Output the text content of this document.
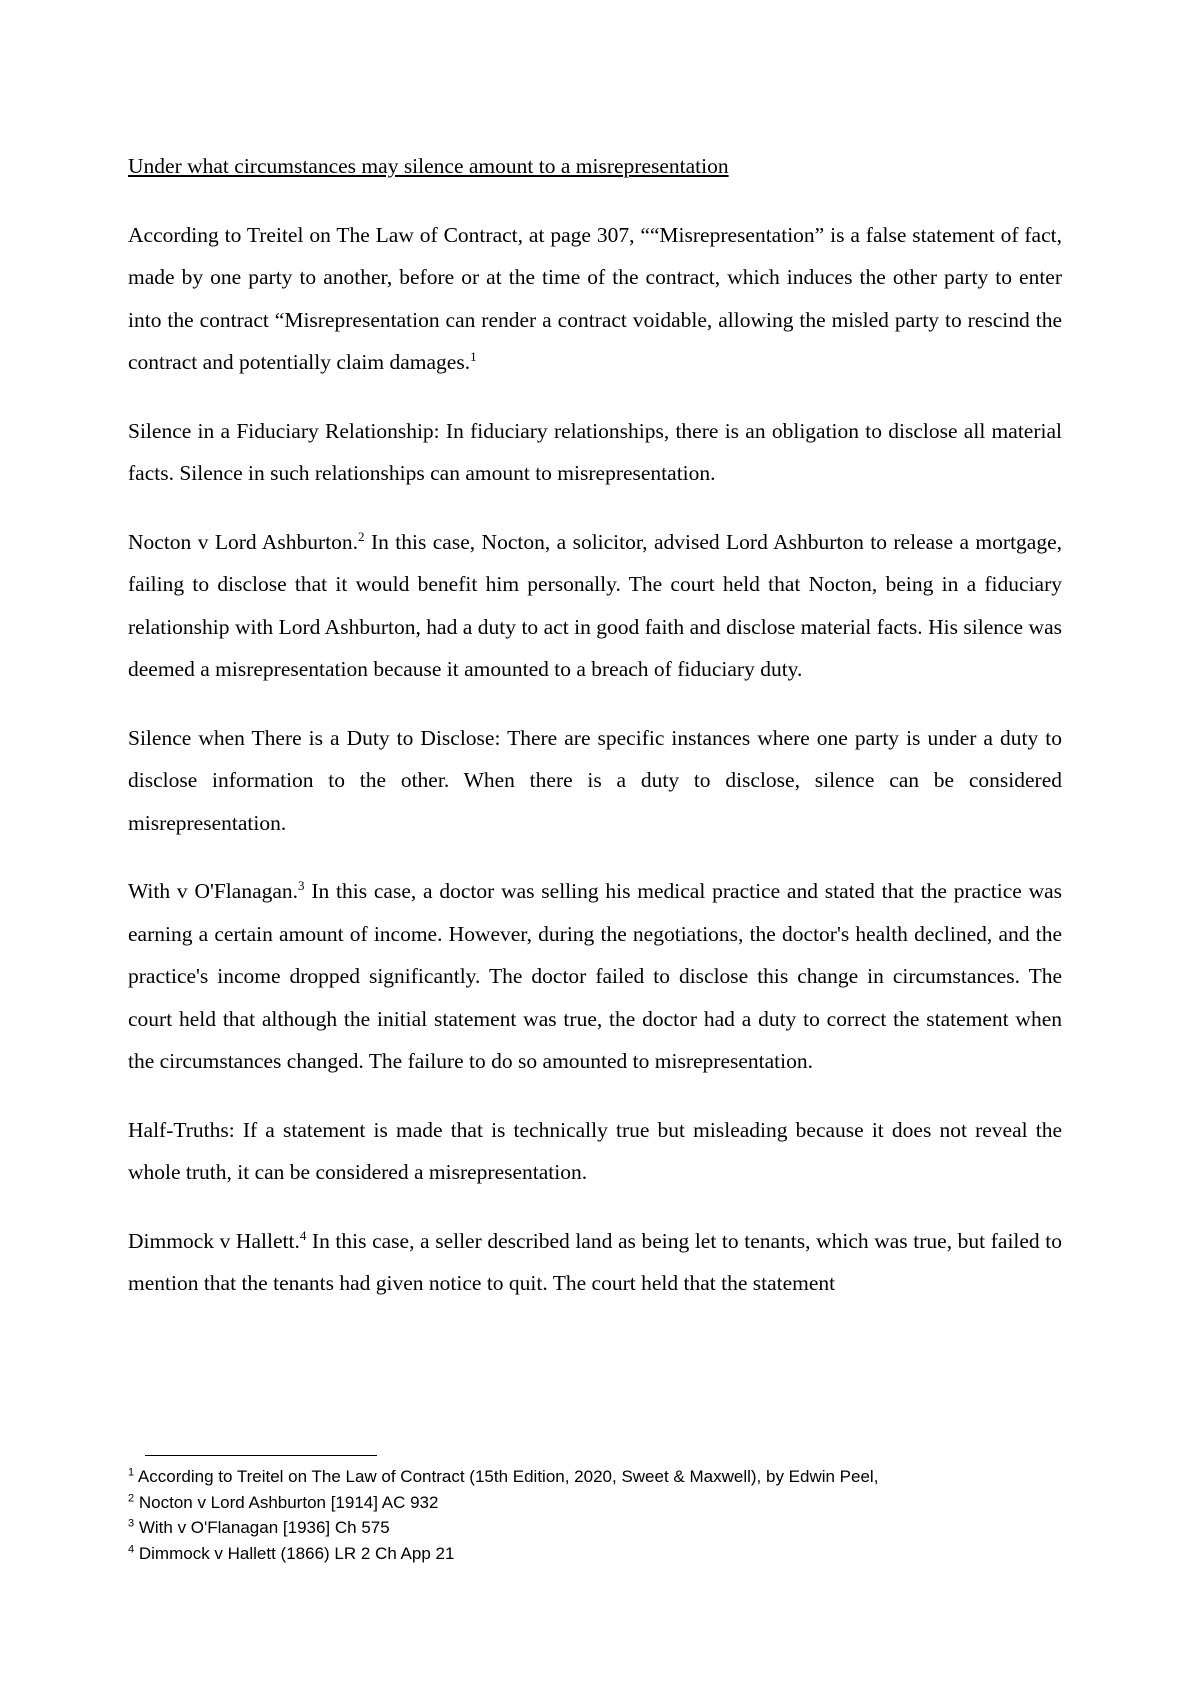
Under what circumstances may silence amount to a misrepresentation

According to Treitel on The Law of Contract, at page 307, ““Misrepresentation” is a false statement of fact, made by one party to another, before or at the time of the contract, which induces the other party to enter into the contract “Misrepresentation can render a contract voidable, allowing the misled party to rescind the contract and potentially claim damages.$^1$

Silence in a Fiduciary Relationship: In fiduciary relationships, there is an obligation to disclose all material facts. Silence in such relationships can amount to misrepresentation.

Nocton v Lord Ashburton.$^2$ In this case, Nocton, a solicitor, advised Lord Ashburton to release a mortgage, failing to disclose that it would benefit him personally. The court held that Nocton, being in a fiduciary relationship with Lord Ashburton, had a duty to act in good faith and disclose material facts. His silence was deemed a misrepresentation because it amounted to a breach of fiduciary duty.

Silence when There is a Duty to Disclose: There are specific instances where one party is under a duty to disclose information to the other. When there is a duty to disclose, silence can be considered misrepresentation.

With v O'Flanagan.$^3$ In this case, a doctor was selling his medical practice and stated that the practice was earning a certain amount of income. However, during the negotiations, the doctor's health declined, and the practice's income dropped significantly. The doctor failed to disclose this change in circumstances. The court held that although the initial statement was true, the doctor had a duty to correct the statement when the circumstances changed. The failure to do so amounted to misrepresentation.

Half-Truths: If a statement is made that is technically true but misleading because it does not reveal the whole truth, it can be considered a misrepresentation.

Dimmock v Hallett.$^4$ In this case, a seller described land as being let to tenants, which was true, but failed to mention that the tenants had given notice to quit. The court held that the statement

$^1$ According to Treitel on The Law of Contract (15th Edition, 2020, Sweet & Maxwell), by Edwin Peel,

$^2$ Nocton v Lord Ashburton [1914] AC 932

$^3$ With v O'Flanagan [1936] Ch 575

$^4$ Dimmock v Hallett (1866) LR 2 Ch App 21
